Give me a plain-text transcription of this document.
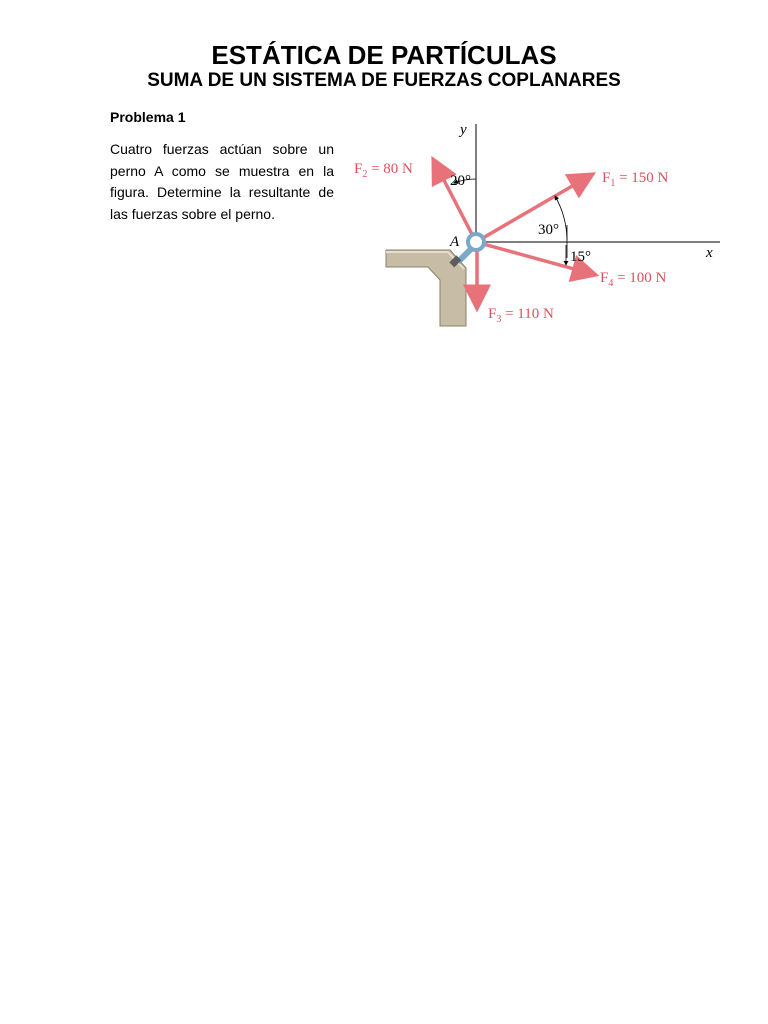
ESTÁTICA DE PARTÍCULAS
SUMA DE UN SISTEMA DE FUERZAS COPLANARES
Problema 1
Cuatro fuerzas actúan sobre un perno A como se muestra en la figura. Determine la resultante de las fuerzas sobre el perno.
y
x
A
20°
30°
15°
$F_1 = 150$ N
$F_2 = 80$ N
$F_3 = 110$ N
$F_4 = 100$ N
